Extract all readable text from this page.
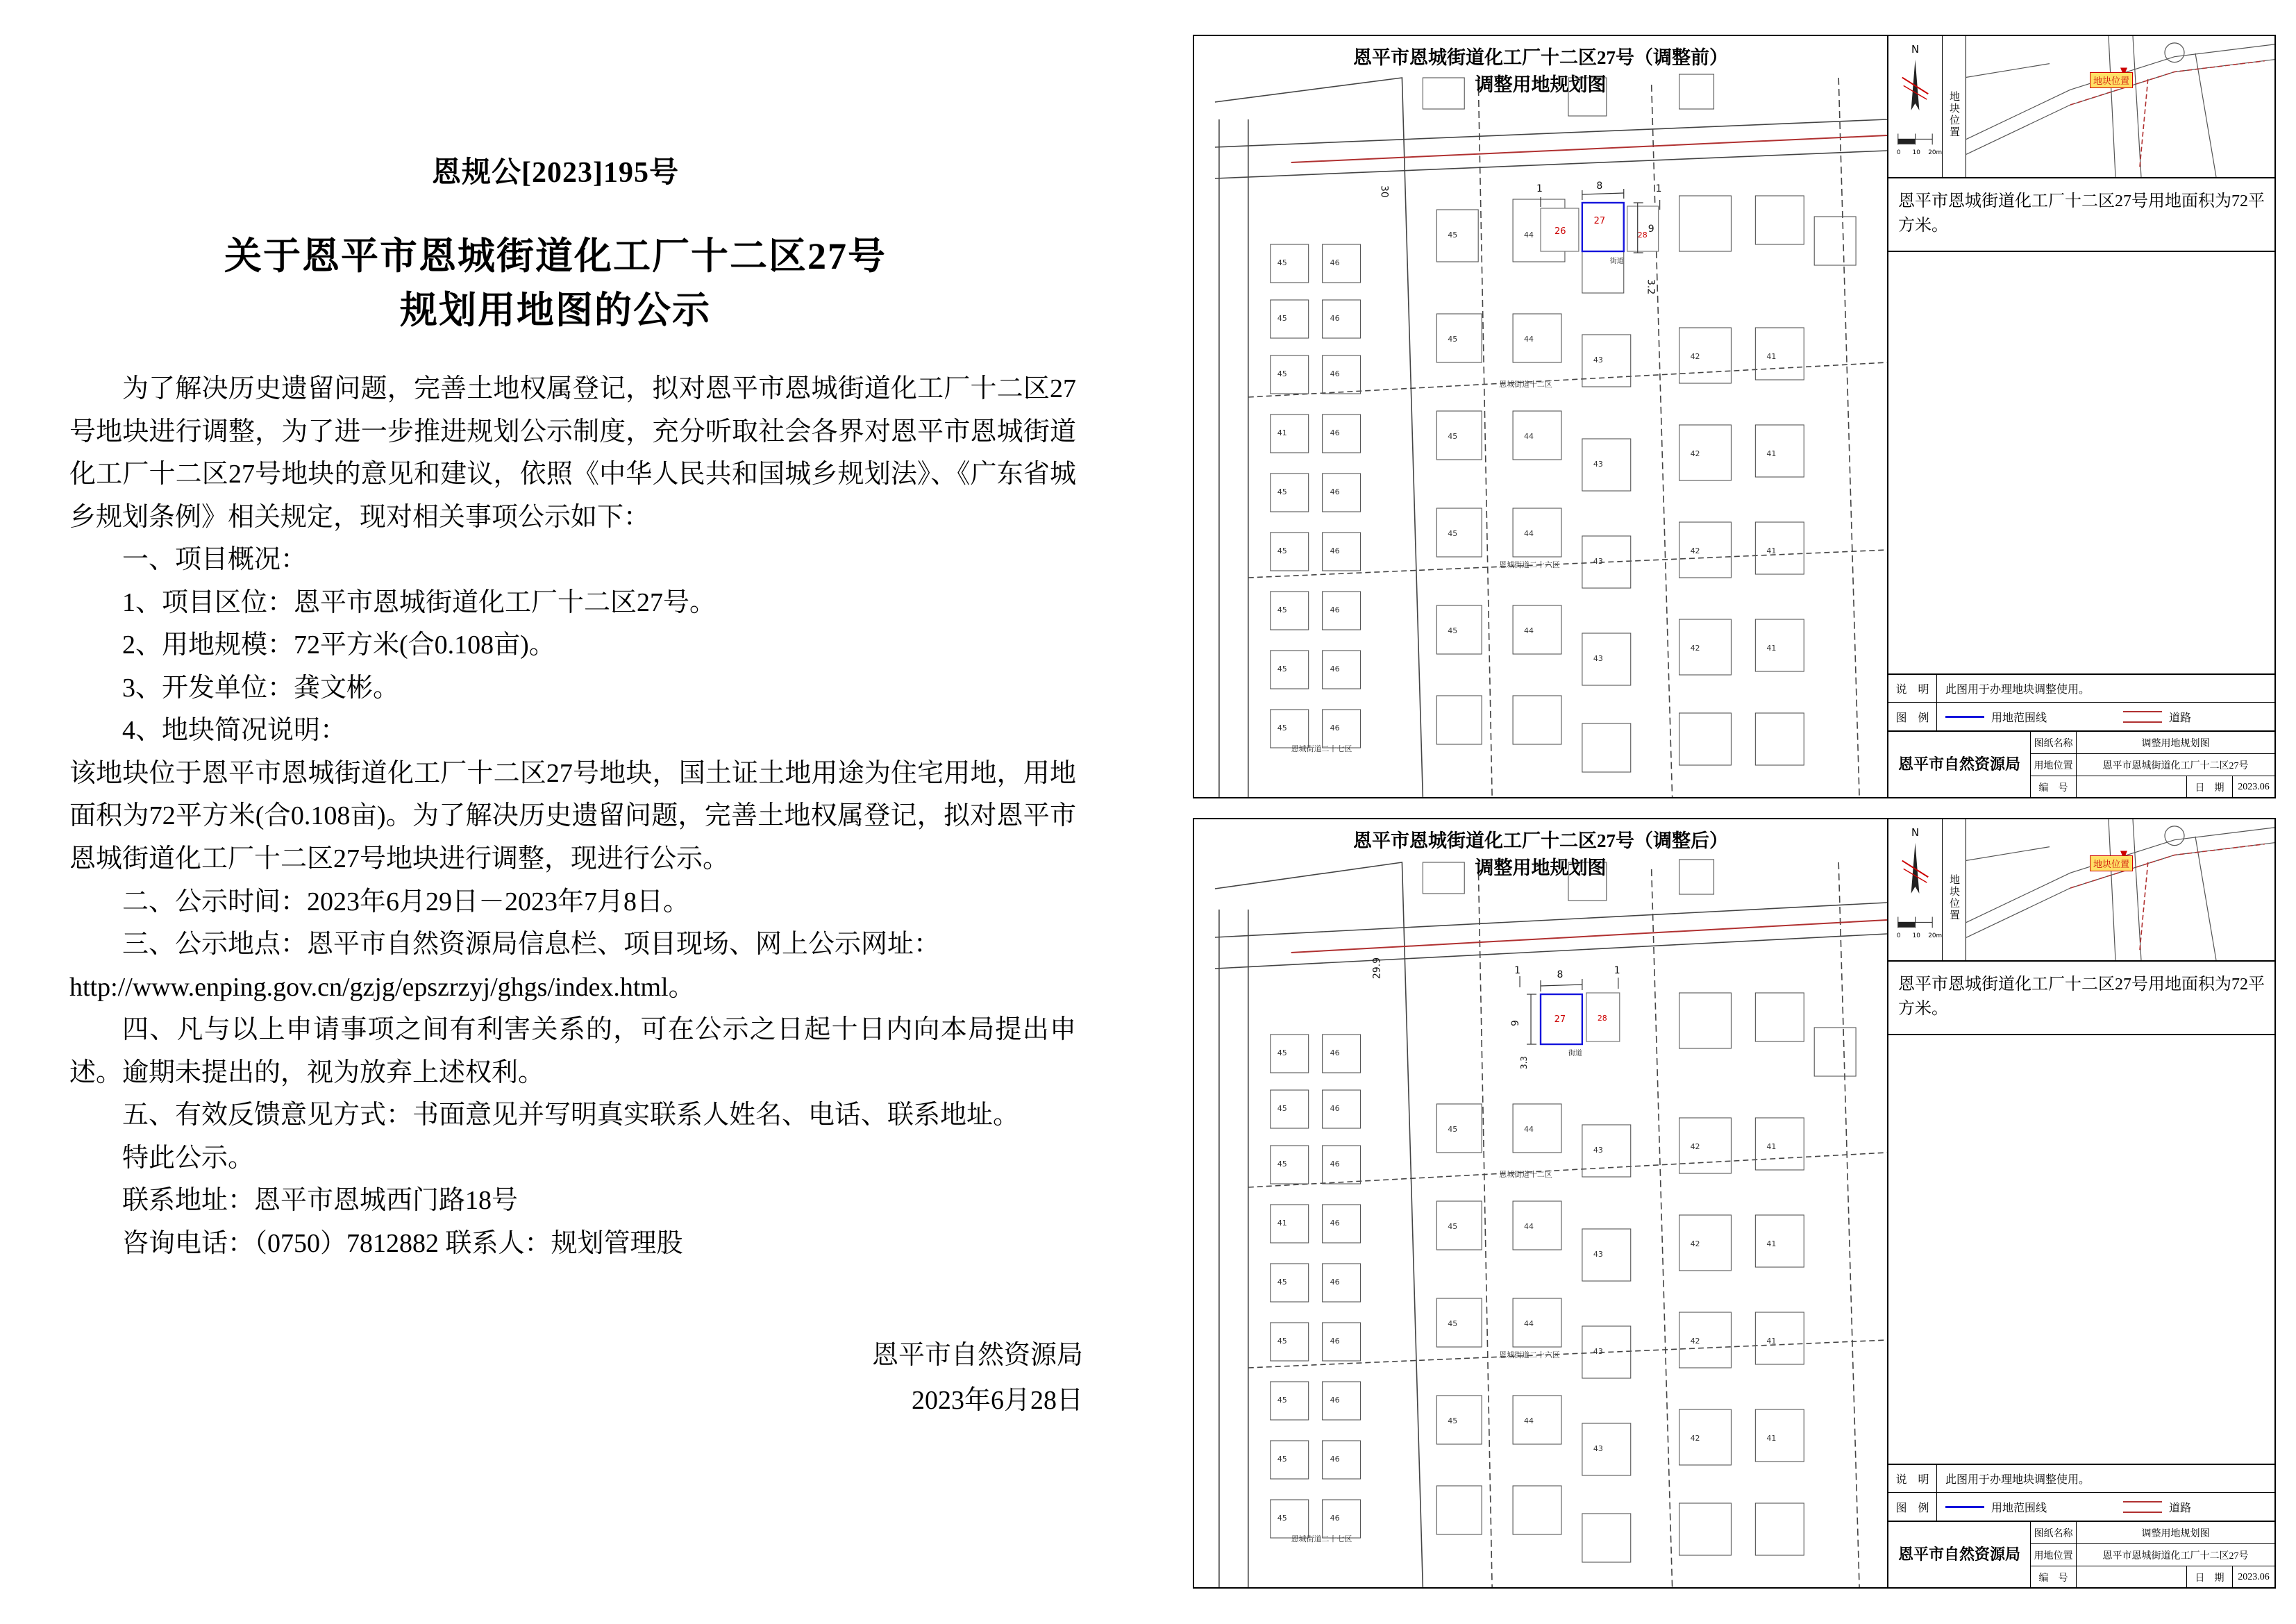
恩规公[2023]195号
关于恩平市恩城街道化工厂十二区27号
规划用地图的公示

为了解决历史遗留问题，完善土地权属登记，拟对恩平市恩城街道化工厂十二区27号地块进行调整，为了进一步推进规划公示制度，充分听取社会各界对恩平市恩城街道化工厂十二区27号地块的意见和建议，依照《中华人民共和国城乡规划法》、《广东省城乡规划条例》相关规定，现对相关事项公示如下：

一、项目概况：

1、项目区位：恩平市恩城街道化工厂十二区27号。

2、用地规模：72平方米(合0.108亩)。

3、开发单位：龚文彬。

4、地块简况说明：

该地块位于恩平市恩城街道化工厂十二区27号地块，国土证土地用途为住宅用地，用地面积为72平方米(合0.108亩)。为了解决历史遗留问题，完善土地权属登记，拟对恩平市恩城街道化工厂十二区27号地块进行调整，现进行公示。

二、公示时间：2023年6月29日－2023年7月8日。

三、公示地点：恩平市自然资源局信息栏、项目现场、网上公示网址：

http://www.enping.gov.cn/gzjg/epszrzyj/ghgs/index.html。

四、凡与以上申请事项之间有利害关系的，可在公示之日起十日内向本局提出申述。逾期未提出的，视为放弃上述权利。

五、有效反馈意见方式：书面意见并写明真实联系人姓名、电话、联系地址。

特此公示。

联系地址：恩平市恩城西门路18号

咨询电话：（0750）7812882 联系人：规划管理股

恩平市自然资源局
2023年6月28日
恩平市恩城街道化工厂十二区27号（调整前）
调整用地规划图
45
45
45
41
45
45
45
45
45
46
46
46
46
46
46
46
46
46
45
45
45
45
45
44
44
44
44
44
43
43
43
43
42
42
42
42
41
41
41
41
恩城街道十二区
恩城街道二十六区
恩城街道二十七区
27
26	28
8
9
1	1
街道
3.2
30
N
0 10 20m
地块位置
地块位置
恩平市恩城街道化工厂十二区27号用地面积为72平方米。
说　明	此图用于办理地块调整使用。
图　例	用地范围线	道路
恩平市自然资源局
图纸名称	调整用地规划图
用地位置	恩平市恩城街道化工厂十二区27号
编　号	日　期	2023.06
恩平市恩城街道化工厂十二区27号（调整后）
调整用地规划图
45
45
45
41
45
45
45
45
45
46
46
46
46
46
46
46
46
46
45
45
45
45
44
44
44
44
43
43
43
43
42
42
42
42
41
41
41
41
恩城街道十二区
恩城街道二十六区
恩城街道二十七区
27	28
8
9
1	1
街道
3.3
29.9
N
0 10 20m
地块位置
地块位置
恩平市恩城街道化工厂十二区27号用地面积为72平方米。
说　明	此图用于办理地块调整使用。
图　例	用地范围线	道路
恩平市自然资源局
图纸名称	调整用地规划图
用地位置	恩平市恩城街道化工厂十二区27号
编　号	日　期	2023.06
